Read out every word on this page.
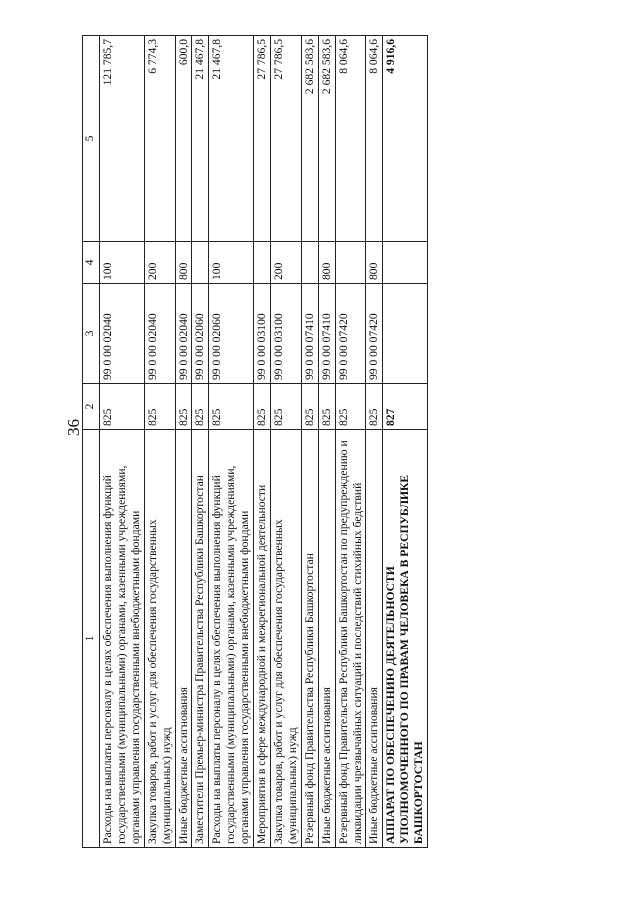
36
1	2	3	4	5
Расходы на выплаты персоналу в целях обеспечения выполнения функций государственными (муниципальными) органами, казенными учреждениями, органами управления государственными внебюджетными фондами	825	99 0 00 02040	100	121 785,7
Закупка товаров, работ и услуг для обеспечения государственных (муниципальных) нужд	825	99 0 00 02040	200	6 774,3
Иные бюджетные ассигнования	825	99 0 00 02040	800	600,0
Заместители Премьер-министра Правительства Республики Башкортостан	825	99 0 00 02060		21 467,8
Расходы на выплаты персоналу в целях обеспечения выполнения функций государственными (муниципальными) органами, казенными учреждениями, органами управления государственными внебюджетными фондами	825	99 0 00 02060	100	21 467,8
Мероприятия в сфере международной и межрегиональной деятельности	825	99 0 00 03100		27 786,5
Закупка товаров, работ и услуг для обеспечения государственных (муниципальных) нужд	825	99 0 00 03100	200	27 786,5
Резервный фонд Правительства Республики Башкортостан	825	99 0 00 07410		2 682 583,6
Иные бюджетные ассигнования	825	99 0 00 07410	800	2 682 583,6
Резервный фонд Правительства Республики Башкортостан по предупреждению и ликвидации чрезвычайных ситуаций и последствий стихийных бедствий	825	99 0 00 07420		8 064,6
Иные бюджетные ассигнования	825	99 0 00 07420	800	8 064,6
АППАРАТ ПО ОБЕСПЕЧЕНИЮ ДЕЯТЕЛЬНОСТИ УПОЛНОМОЧЕННОГО ПО ПРАВАМ ЧЕЛОВЕКА В РЕСПУБЛИКЕ БАШКОРТОСТАН	827			4 916,6
